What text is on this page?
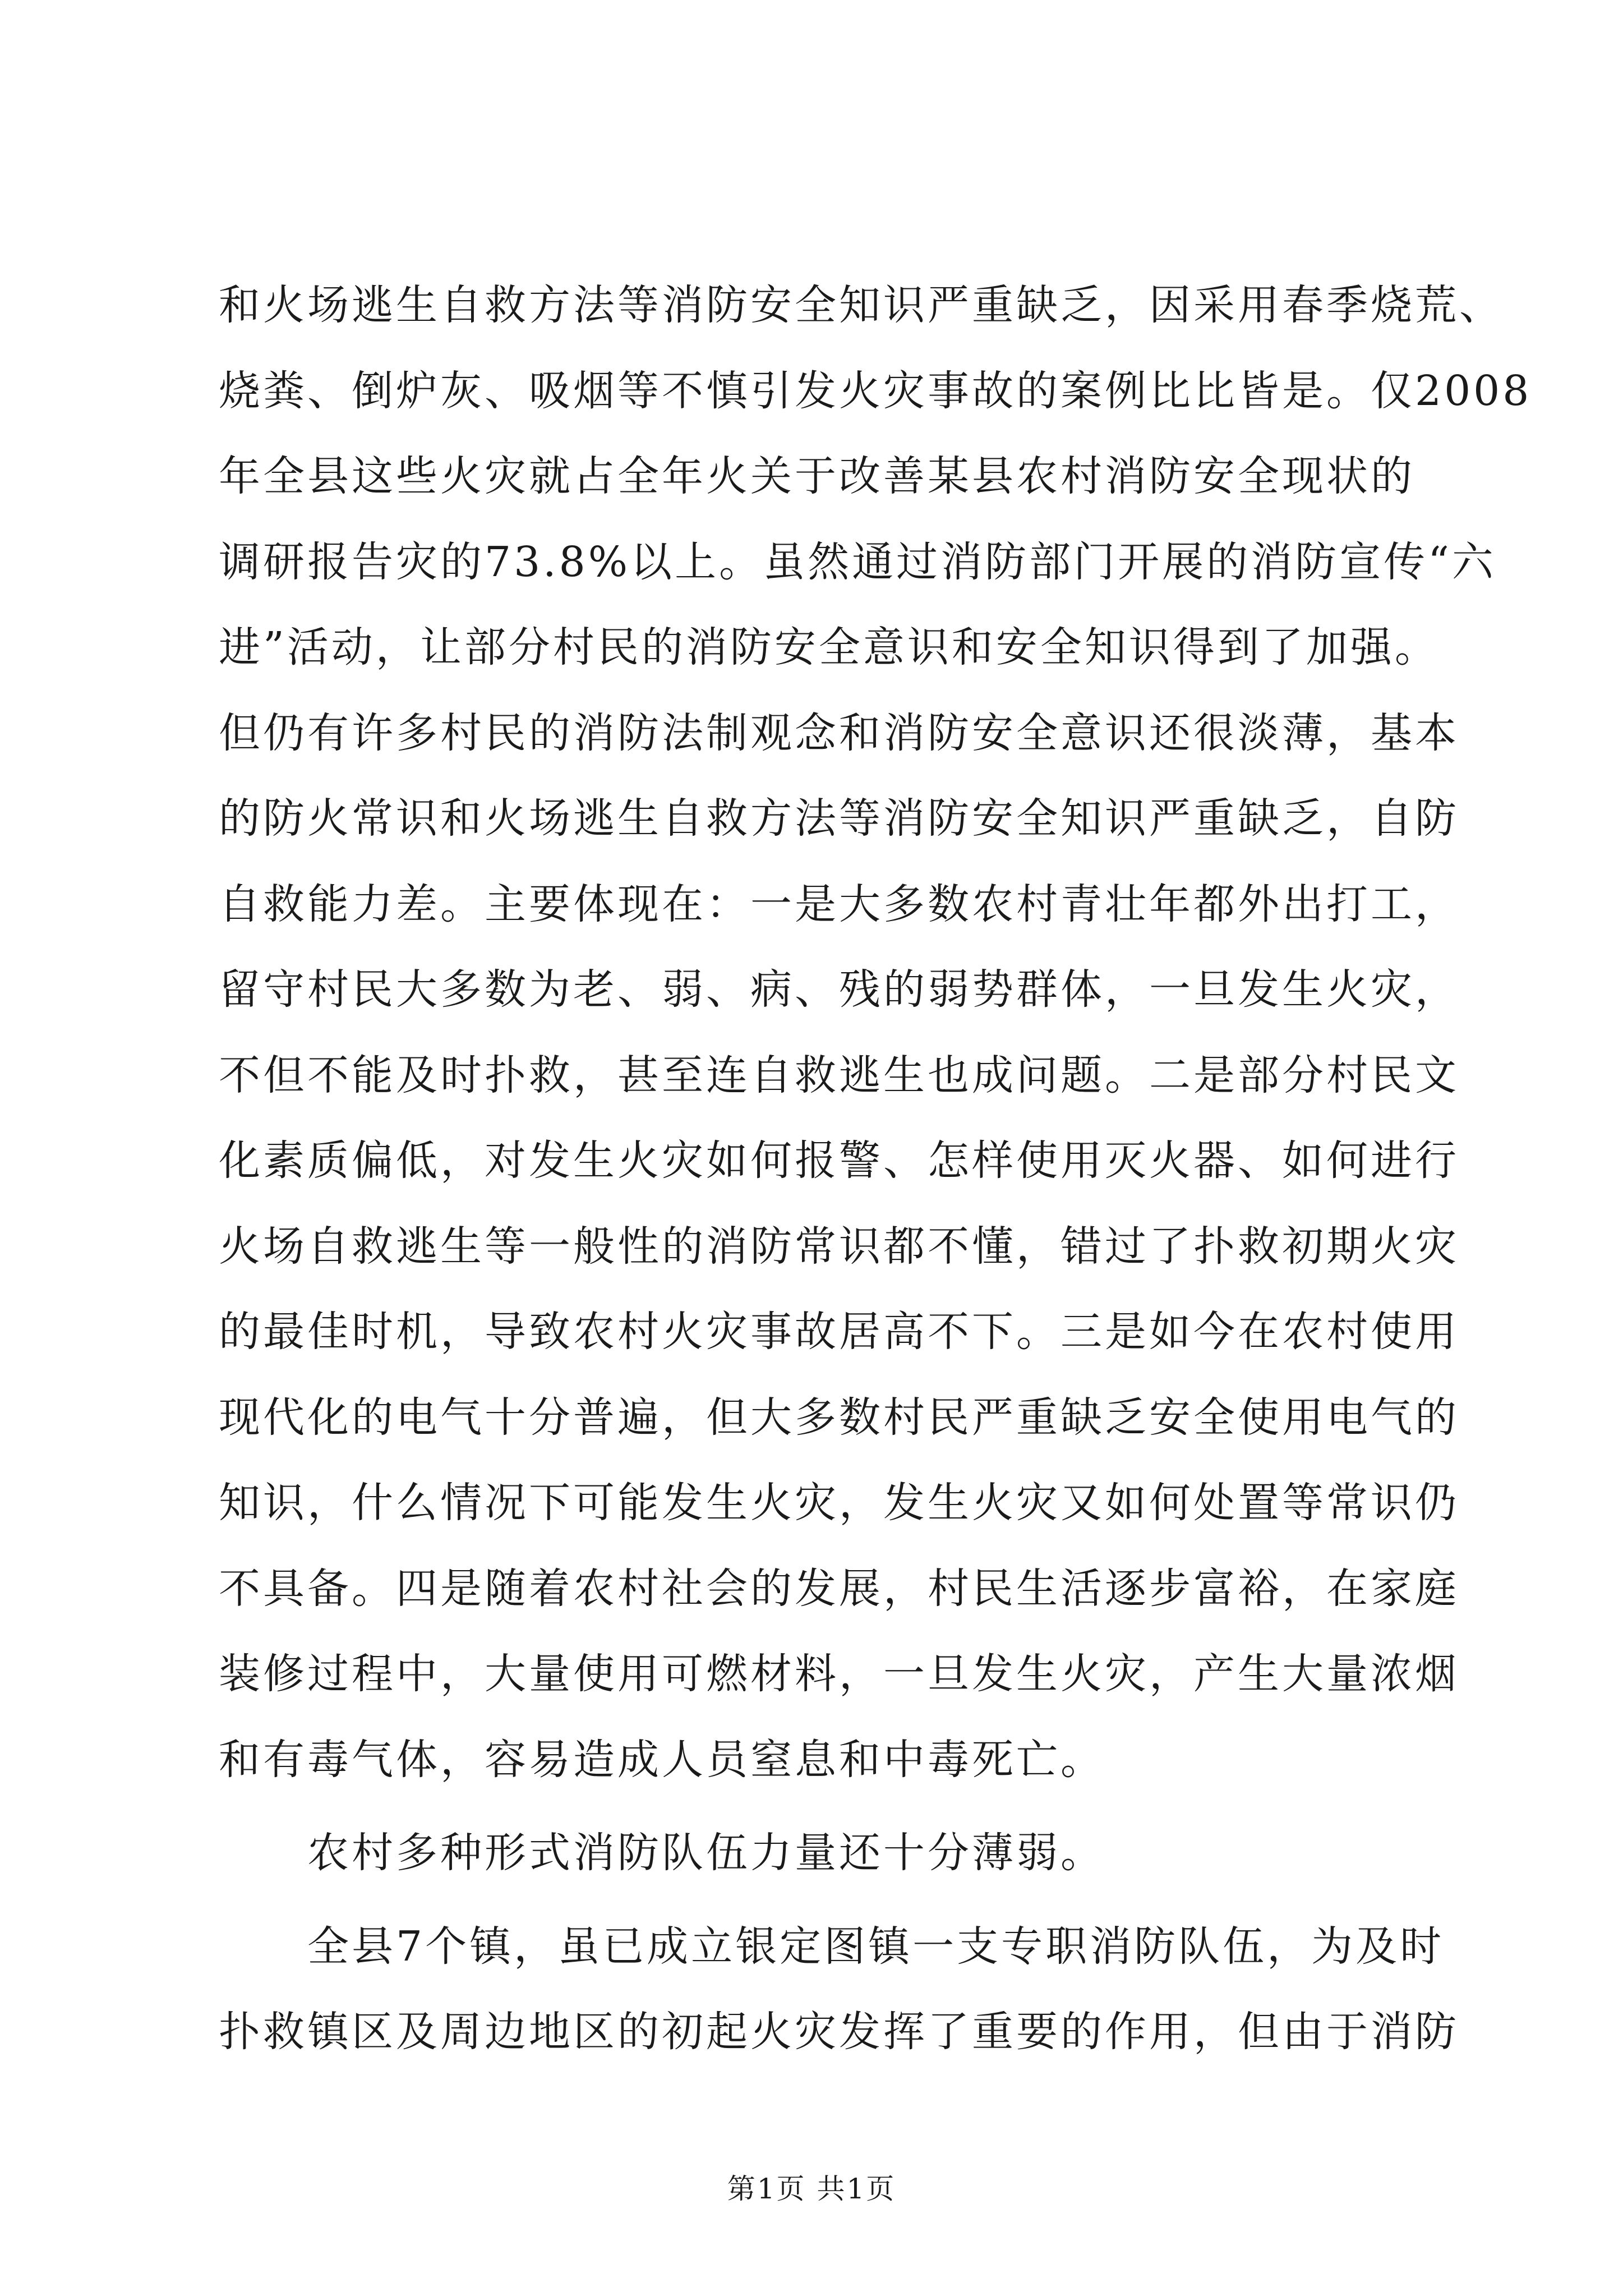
和火场逃生自救方法等消防安全知识严重缺乏，因采用春季烧荒、
烧粪、倒炉灰、吸烟等不慎引发火灾事故的案例比比皆是。仅2008
年全县这些火灾就占全年火关于改善某县农村消防安全现状的
调研报告灾的73.8%以上。虽然通过消防部门开展的消防宣传“六
进”活动，让部分村民的消防安全意识和安全知识得到了加强。
但仍有许多村民的消防法制观念和消防安全意识还很淡薄，基本
的防火常识和火场逃生自救方法等消防安全知识严重缺乏，自防
自救能力差。主要体现在：一是大多数农村青壮年都外出打工，
留守村民大多数为老、弱、病、残的弱势群体，一旦发生火灾，
不但不能及时扑救，甚至连自救逃生也成问题。二是部分村民文
化素质偏低，对发生火灾如何报警、怎样使用灭火器、如何进行
火场自救逃生等一般性的消防常识都不懂，错过了扑救初期火灾
的最佳时机，导致农村火灾事故居高不下。三是如今在农村使用
现代化的电气十分普遍，但大多数村民严重缺乏安全使用电气的
知识，什么情况下可能发生火灾，发生火灾又如何处置等常识仍
不具备。四是随着农村社会的发展，村民生活逐步富裕，在家庭
装修过程中，大量使用可燃材料，一旦发生火灾，产生大量浓烟
和有毒气体，容易造成人员窒息和中毒死亡。
农村多种形式消防队伍力量还十分薄弱。
全县7个镇，虽已成立银定图镇一支专职消防队伍，为及时
扑救镇区及周边地区的初起火灾发挥了重要的作用，但由于消防
第1页 共1页
